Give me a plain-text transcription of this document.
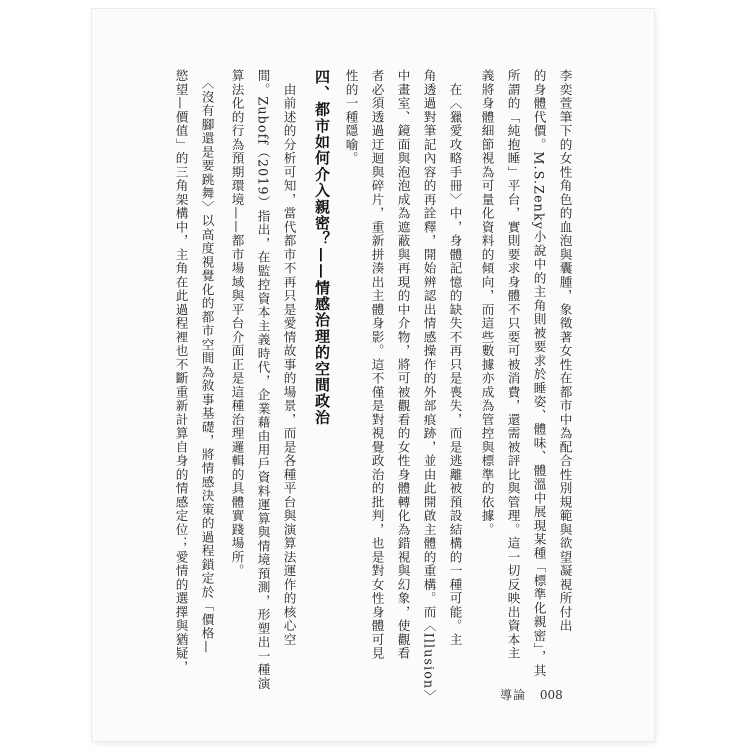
李奕萱筆下的女性角色的血泡與囊腫，象徵著女性在都市中為配合性別規範與欲望凝視所付出
的身體代價。M.S.Zenky小說中的主角則被要求於睡姿、體味、體溫中展現某種「標準化親密」，其
所謂的「純抱睡」平台，實則要求身體不只要可被消費，還需被評比與管理。這一切反映出資本主
義將身體細節視為可量化資料的傾向，而這些數據亦成為管控與標準的依據。
　在〈獵愛攻略手冊〉中，身體記憶的缺失不再只是喪失，而是逃離被預設結構的一種可能。主
角透過對筆記內容的再詮釋，開始辨認出情感操作的外部痕跡，並由此開啟主體的重構。而〈Illusion〉
中畫室、鏡面與泡泡成為遮蔽與再現的中介物，將可被觀看的女性身體轉化為錯視與幻象，使觀看
者必須透過迂迴與碎片，重新拼湊出主體身影。這不僅是對視覺政治的批判，也是對女性身體可見
性的一種隱喻。
四、都市如何介入親密？——情感治理的空間政治
　由前述的分析可知，當代都市不再只是愛情故事的場景，而是各種平台與演算法運作的核心空
間。Zuboff（2019）指出，在監控資本主義時代，企業藉由用戶資料運算與情境預測，形塑出一種演
算法化的行為預期環境——都市場域與平台介面正是這種治理邏輯的具體實踐場所。
　〈沒有腳還是要跳舞〉以高度視覺化的都市空間為敘事基礎，將情感決策的過程鎖定於「價格—
慾望—價值」的三角架構中，主角在此過程裡也不斷重新計算自身的情感定位；愛情的選擇與猶疑，
導論 008
